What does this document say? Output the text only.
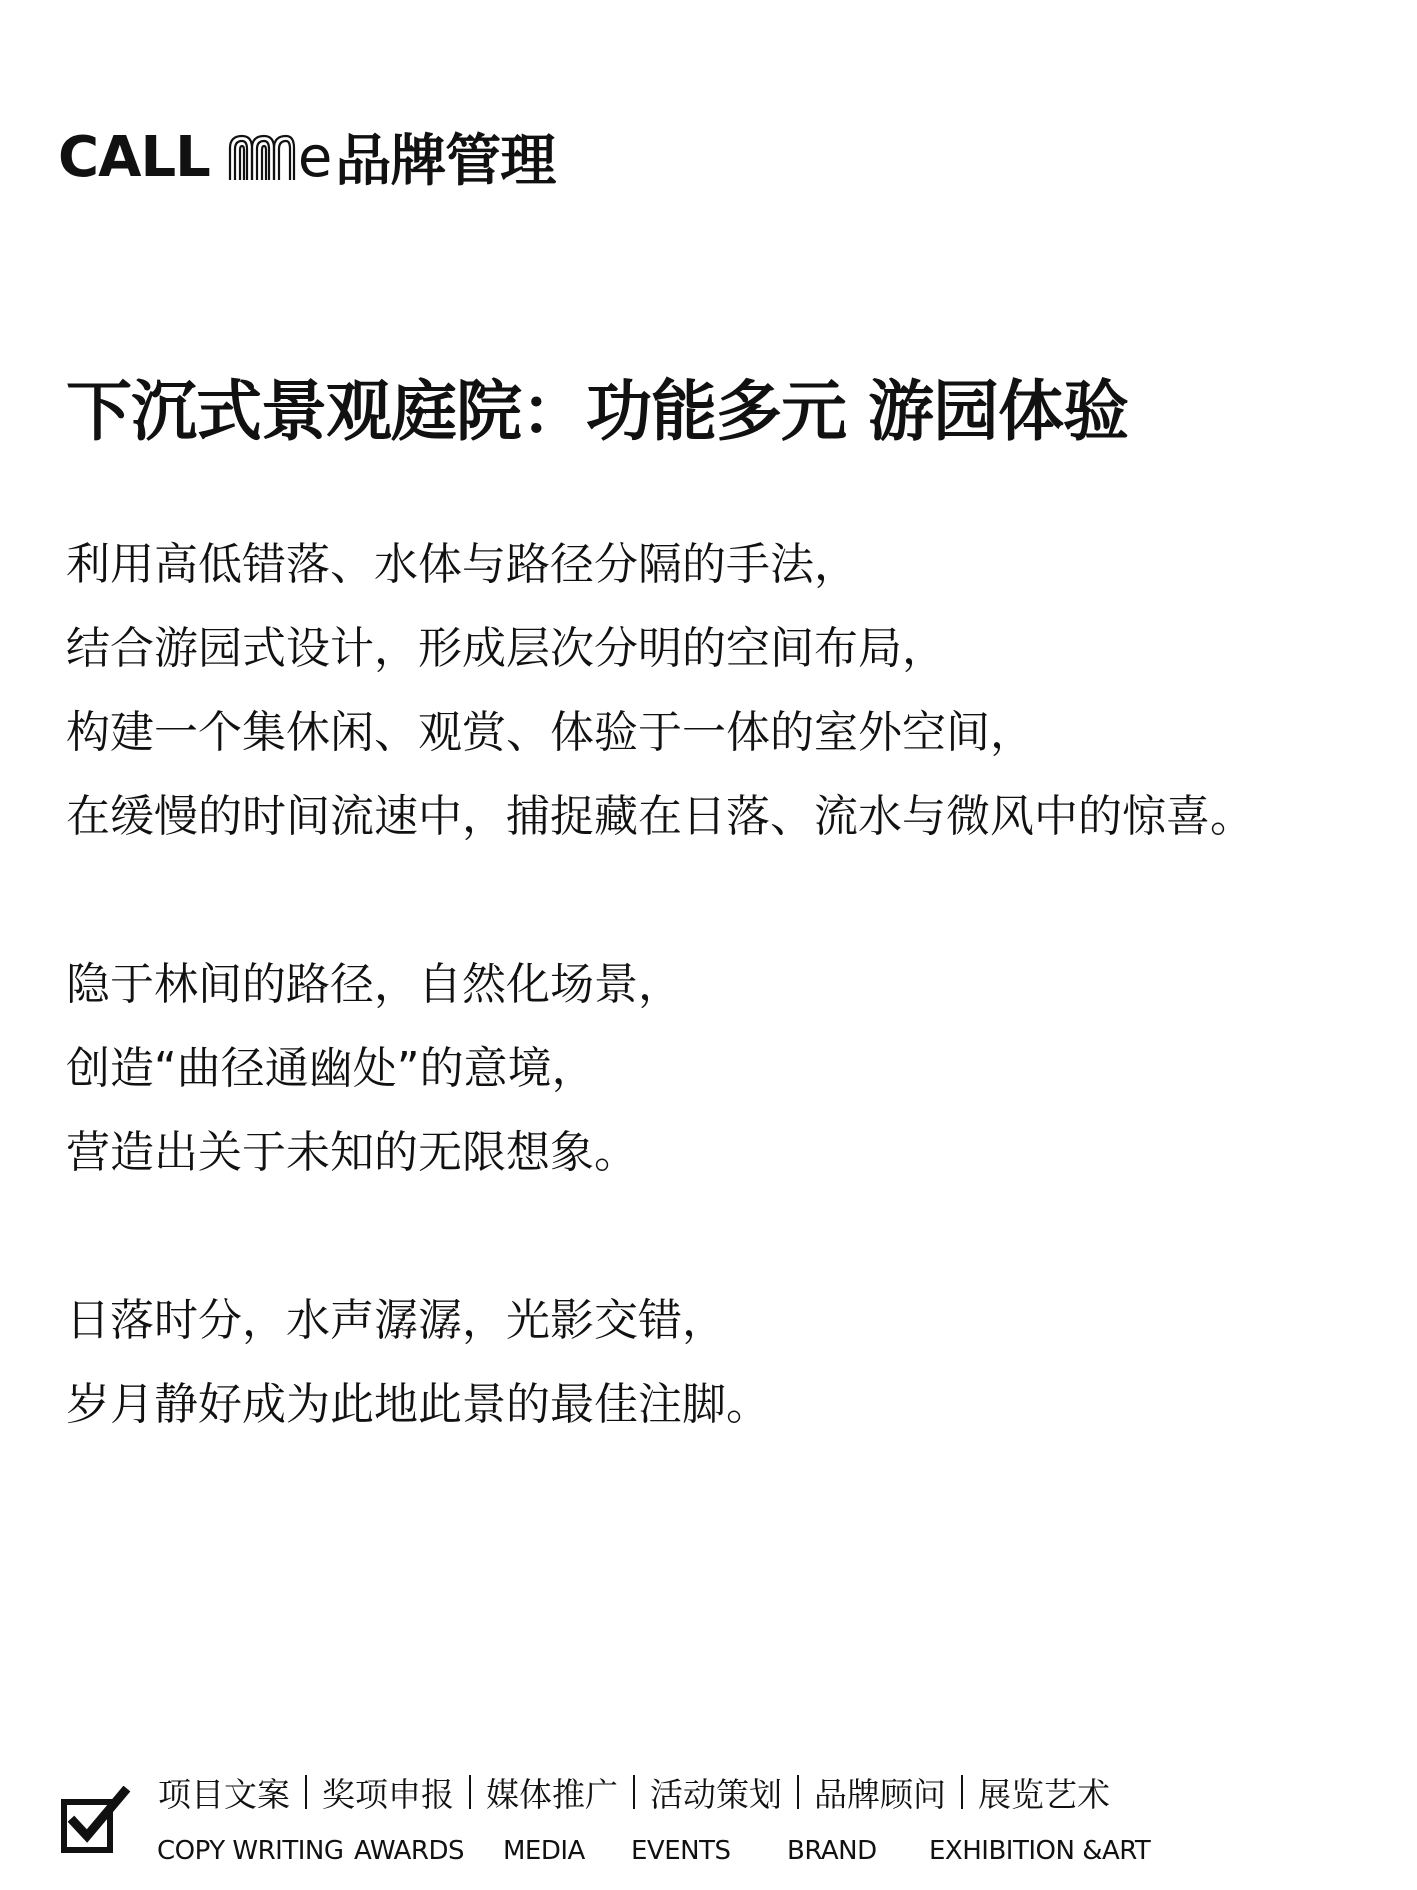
CALL e 品牌管理
下沉式景观庭院：功能多元 游园体验

利用高低错落、水体与路径分隔的手法，
结合游园式设计，形成层次分明的空间布局，
构建一个集休闲、观赏、体验于一体的室外空间，
在缓慢的时间流速中，捕捉藏在日落、流水与微风中的惊喜。

隐于林间的路径，自然化场景，
创造“曲径通幽处”的意境，
营造出关于未知的无限想象。

日落时分，水声潺潺，光影交错，
岁月静好成为此地此景的最佳注脚。

项目文案 奖项申报 媒体推广 活动策划 品牌顾问 展览艺术
COPY WRITING AWARDS MEDIA EVENTS BRAND EXHIBITION &ART
